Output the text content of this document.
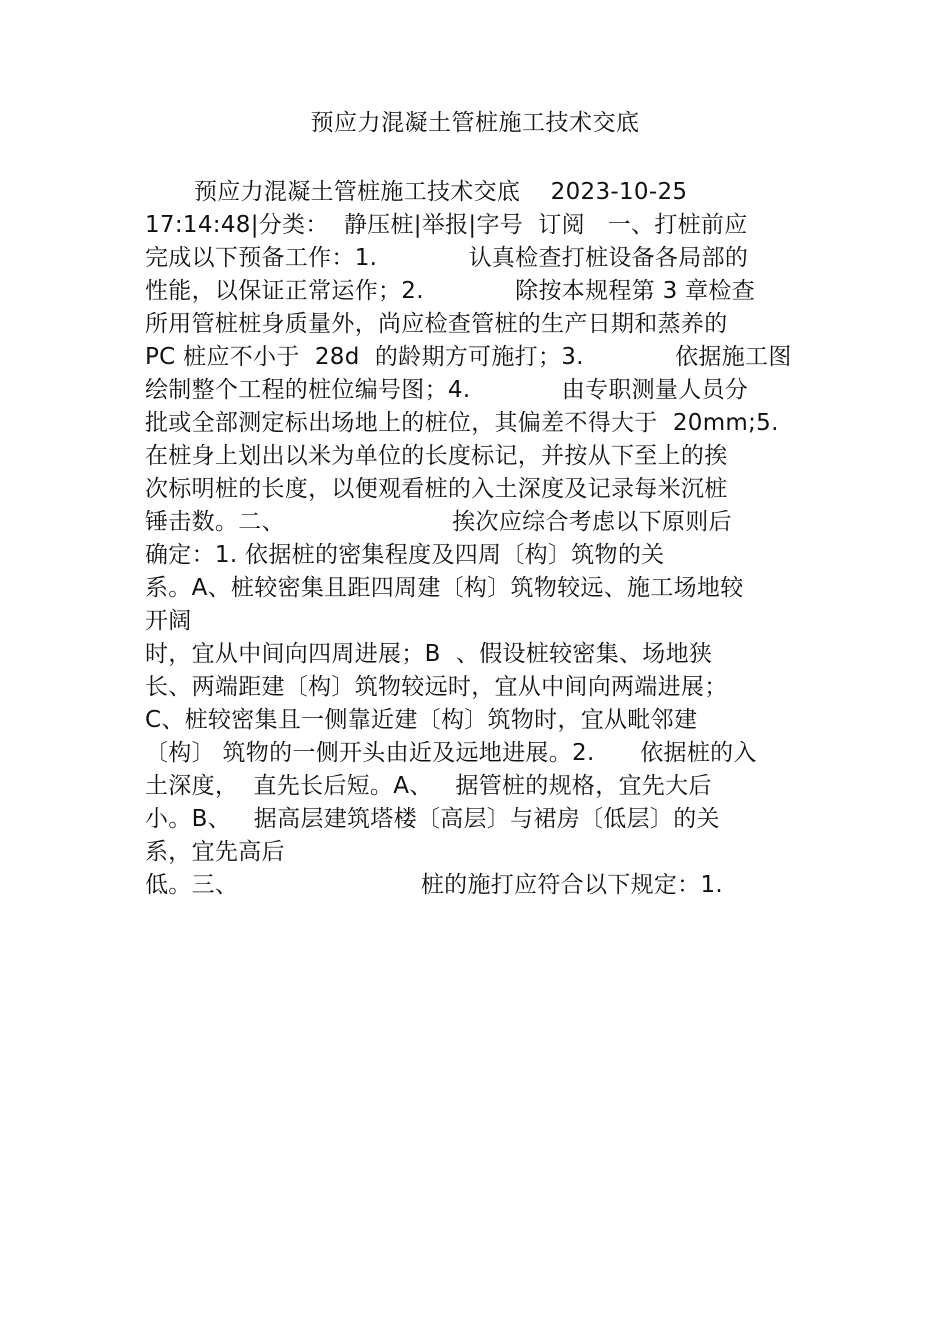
预应力混凝土管桩施工技术交底
预应力混凝土管桩施工技术交底    2023-10-25
17:14:48|分类：  静压桩|举报|字号  订阅   一、打桩前应
完成以下预备工作：1.            认真检查打桩设备各局部的
性能，以保证正常运作；2.            除按本规程第 3 章检查
所用管桩桩身质量外，尚应检查管桩的生产日期和蒸养的
PC 桩应不小于  28d  的龄期方可施打；3.            依据施工图
绘制整个工程的桩位编号图；4.            由专职测量人员分
批或全部测定标出场地上的桩位，其偏差不得大于  20mm;5.
在桩身上划出以米为单位的长度标记，并按从下至上的挨
次标明桩的长度，以便观看桩的入土深度及记录每米沉桩
锤击数。二、                      挨次应综合考虑以下原则后
确定：1. 依据桩的密集程度及四周〔构〕筑物的关
系。A、桩较密集且距四周建〔构〕筑物较远、施工场地较
开阔
时，宜从中间向四周进展；B  、假设桩较密集、场地狭
长、两端距建〔构〕筑物较远时，宜从中间向两端进展；
C、桩较密集且一侧靠近建〔构〕筑物时，宜从毗邻建
〔构〕 筑物的一侧开头由近及远地进展。2.      依据桩的入
土深度，  直先长后短。A、   据管桩的规格，宜先大后
小。B、   据高层建筑塔楼〔高层〕与裙房〔低层〕的关
系，宜先高后
低。三、                        桩的施打应符合以下规定：1.
